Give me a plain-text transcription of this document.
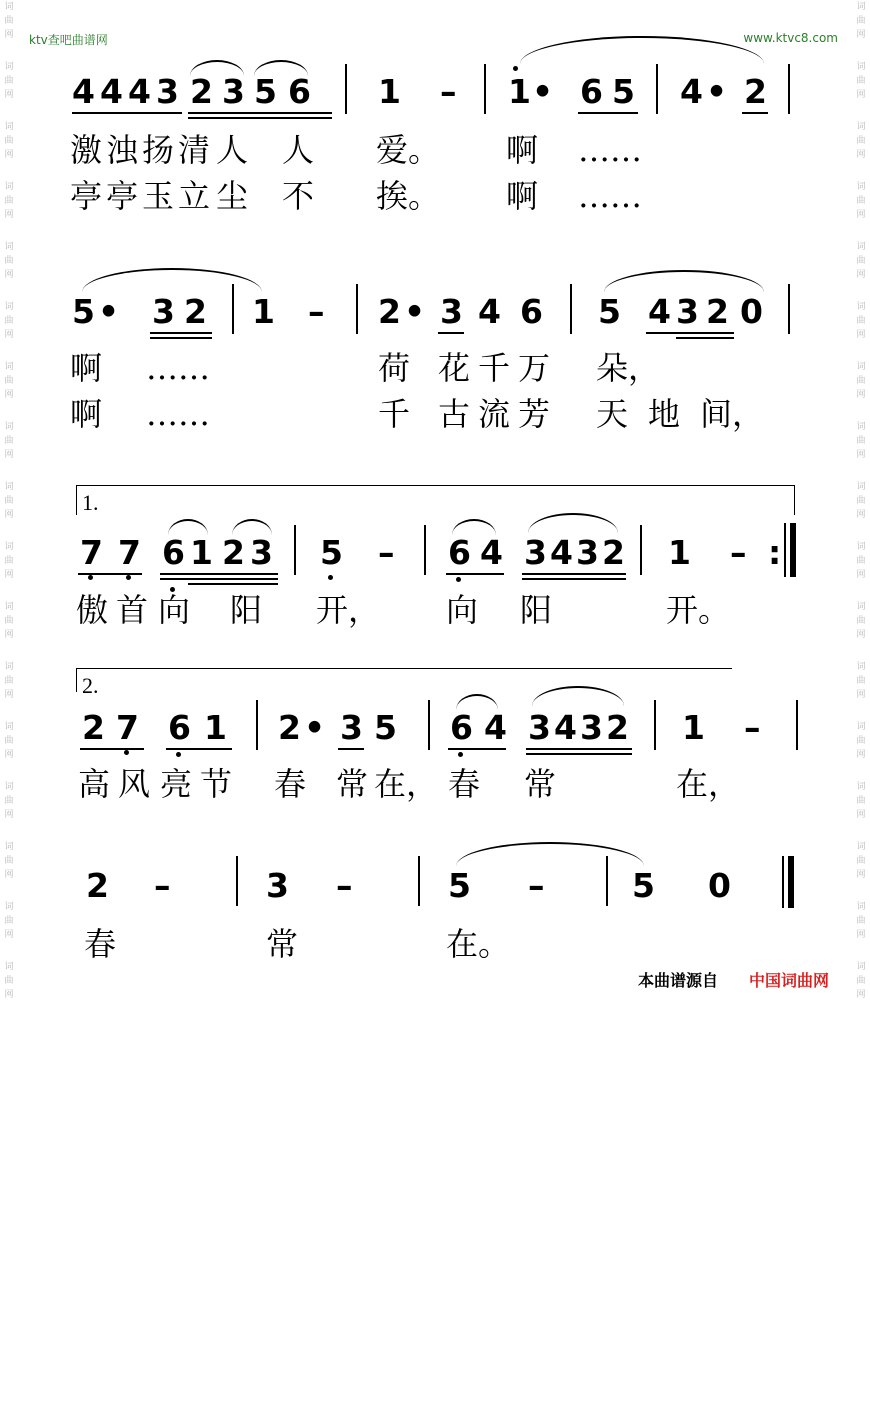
词
曲
网
词
曲
网
词
曲
网
词
曲
网
词
曲
网
词
曲
网
词
曲
网
词
曲
网
词
曲
网
词
曲
网
词
曲
网
词
曲
网
词
曲
网
词
曲
网
词
曲
网
词
曲
网
词
曲
网
词
曲
网
词
曲
网
词
曲
网
词
曲
网
词
曲
网
词
曲
网
词
曲
网
词
曲
网
词
曲
网
词
曲
网
词
曲
网
词
曲
网
词
曲
网
词
曲
网
词
曲
网
词
曲
网
词
曲
网
ktv查吧曲谱网	www.ktvc8.com

4

4

4

3

2

3

5

6

1

–

1

•

6

5

4

•

2

激

浊

扬

清

人

人

爱。

啊

……

亭

亭

玉

立

尘

不

挨。

啊

……

5

•

3

2

1

–

2

•

3

4

6

5

4

3

2

0

啊

……

	荷

花

千

万

朵，

啊

……

	千

古

流

芳

天

地

间，

1.

7

7

6

1

2

3

5

–

6

4

3

4

3

2

1

–

:

傲

首

向

阳

开，

向

阳

	开。

2.

2

7

6

1

2

•

3

5

6

4

3

4

3

2

1

–

高

风

亮

节

春

常

在，

春

常

	在，

2

–

	3

–

	5

–

	5

0

春

	常

	在。

本曲谱源自 中国词曲网
